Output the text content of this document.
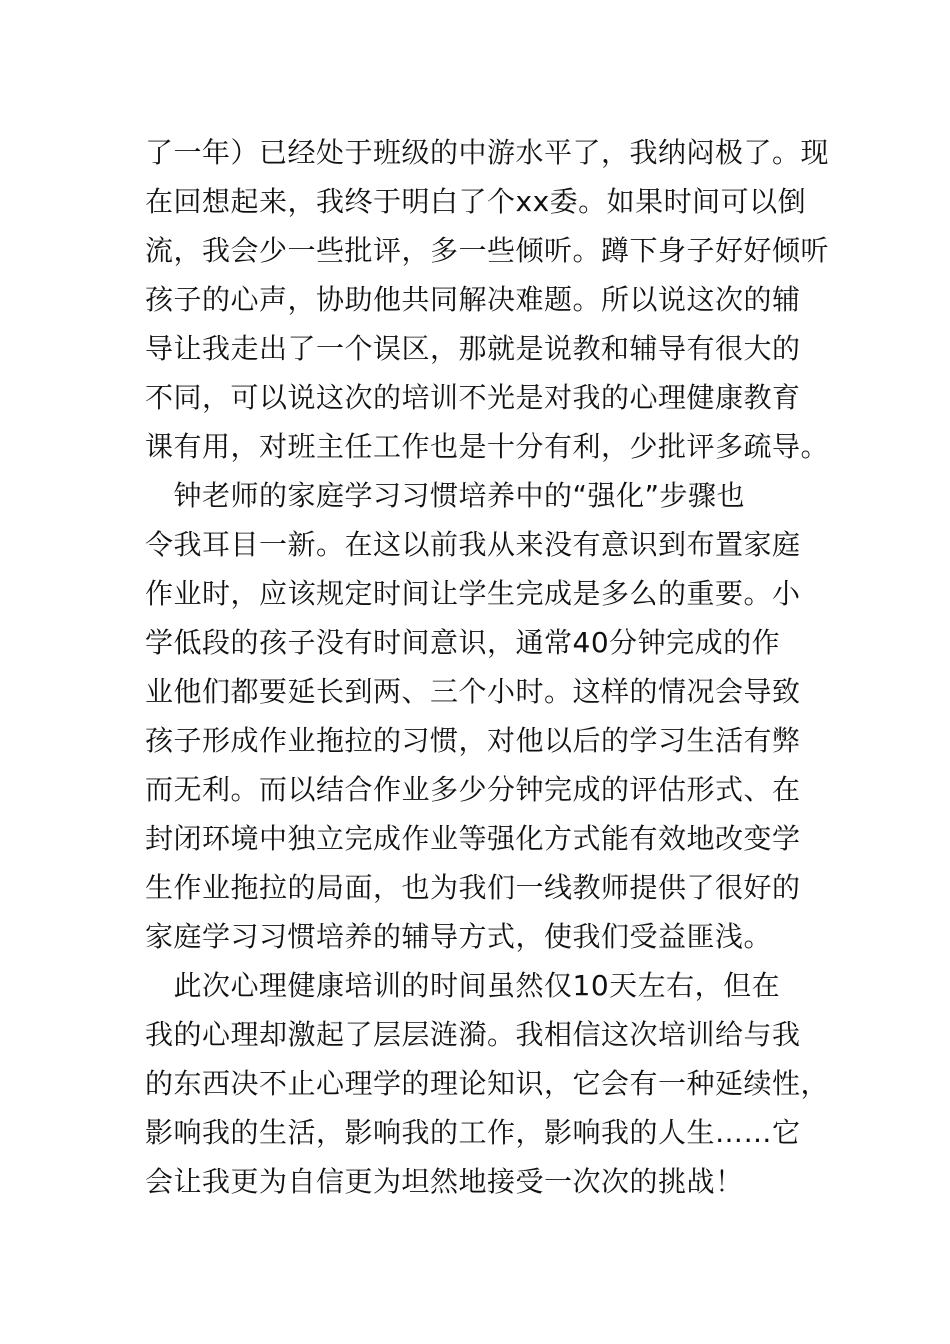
了一年）已经处于班级的中游水平了，我纳闷极了。现
在回想起来，我终于明白了个xx委。如果时间可以倒
流，我会少一些批评，多一些倾听。蹲下身子好好倾听
孩子的心声，协助他共同解决难题。所以说这次的辅
导让我走出了一个误区，那就是说教和辅导有很大的
不同，可以说这次的培训不光是对我的心理健康教育
课有用，对班主任工作也是十分有利，少批评多疏导。
　钟老师的家庭学习习惯培养中的“强化”步骤也
令我耳目一新。在这以前我从来没有意识到布置家庭
作业时，应该规定时间让学生完成是多么的重要。小
学低段的孩子没有时间意识，通常40分钟完成的作
业他们都要延长到两、三个小时。这样的情况会导致
孩子形成作业拖拉的习惯，对他以后的学习生活有弊
而无利。而以结合作业多少分钟完成的评估形式、在
封闭环境中独立完成作业等强化方式能有效地改变学
生作业拖拉的局面，也为我们一线教师提供了很好的
家庭学习习惯培养的辅导方式，使我们受益匪浅。
　此次心理健康培训的时间虽然仅10天左右，但在
我的心理却激起了层层涟漪。我相信这次培训给与我
的东西决不止心理学的理论知识，它会有一种延续性，
影响我的生活，影响我的工作，影响我的人生……它
会让我更为自信更为坦然地接受一次次的挑战！
